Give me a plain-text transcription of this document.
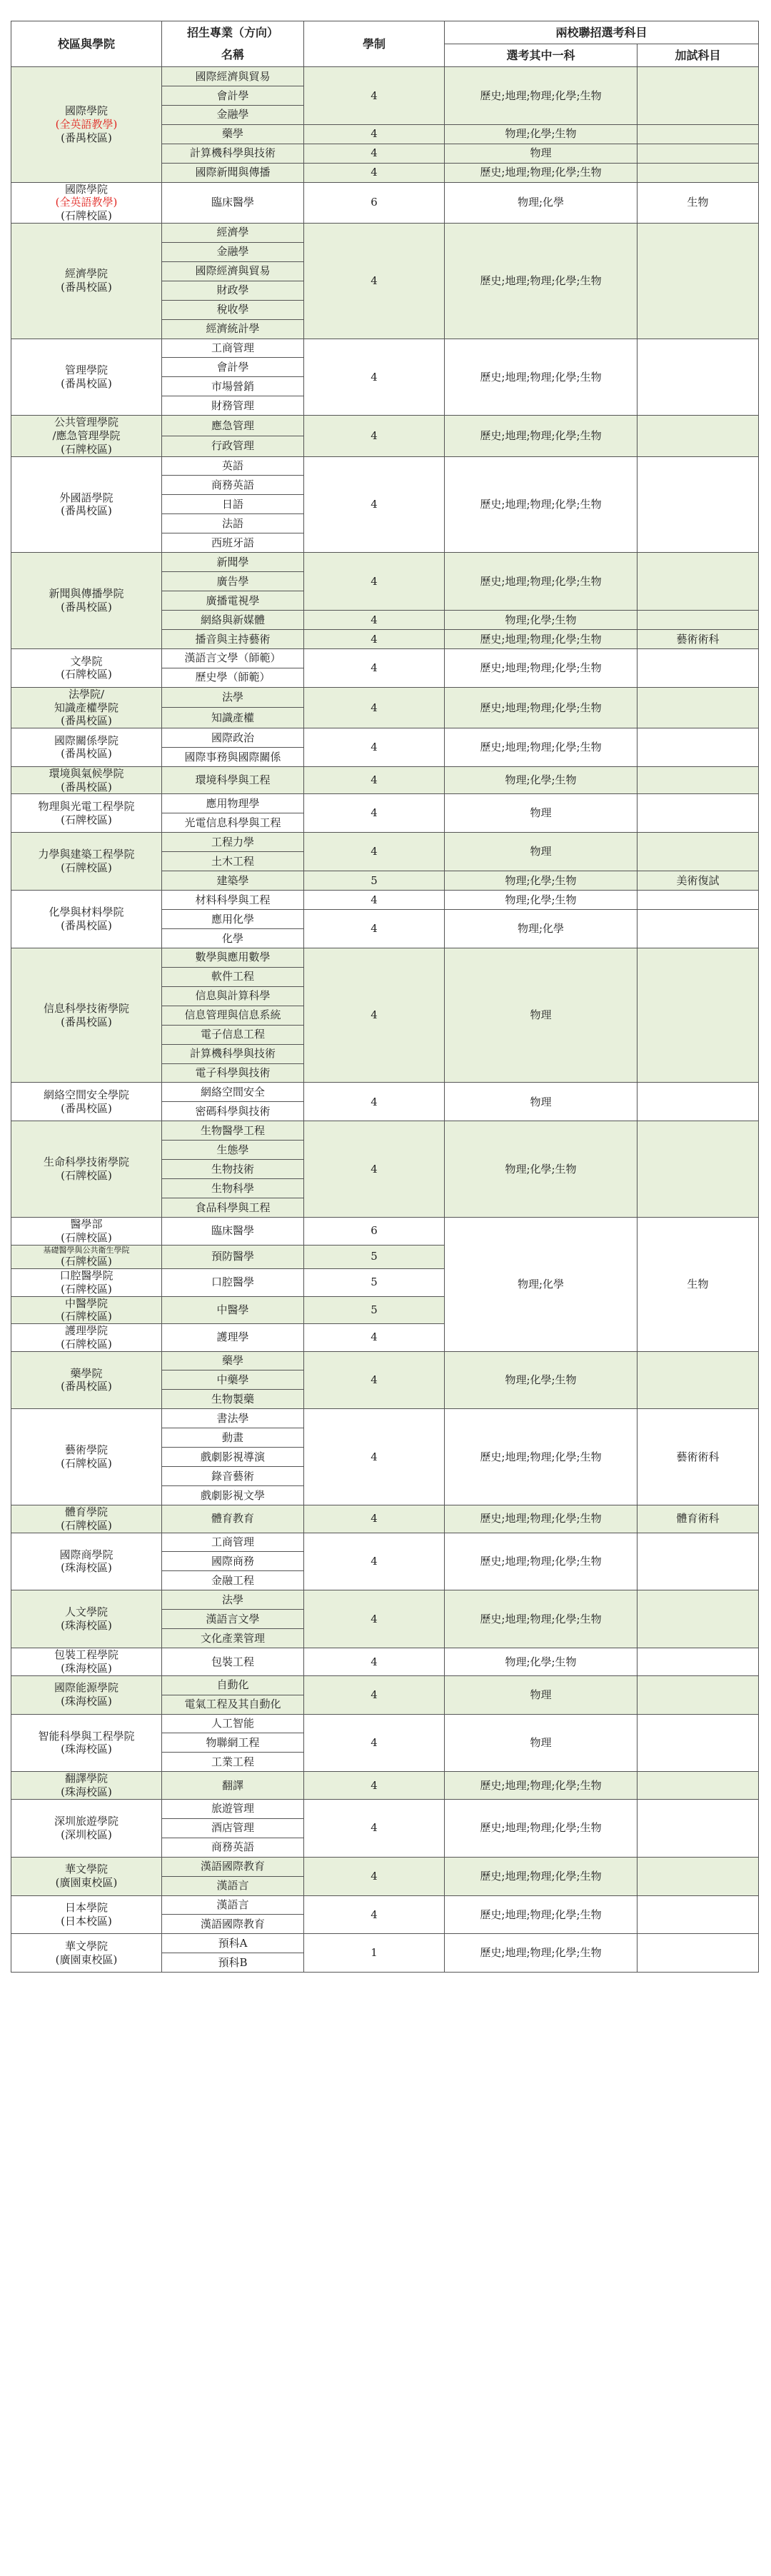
校區與學院	招生專業（方向）	學制	兩校聯招選考科目	
	名稱		選考其中一科	加試科目

國際學院
(全英語教學)
(番禺校區)	國際經濟與貿易	4	歷史;地理;物理;化學;生物	
	會計學			
	金融學			
	藥學	4	物理;化學;生物	
	計算機科學與技術	4	物理	
	國際新聞與傳播	4	歷史;地理;物理;化學;生物	

國際學院
(全英語教學)
(石牌校區)	臨床醫學	6	物理;化學	生物

經濟學院
(番禺校區)	經濟學	4	歷史;地理;物理;化學;生物	
	金融學			
	國際經濟與貿易			
	財政學			
	稅收學			
	經濟統計學			

管理學院
(番禺校區)	工商管理	4	歷史;地理;物理;化學;生物	
	會計學			
	市場營銷			
	財務管理			

公共管理學院
/應急管理學院
(石牌校區)	應急管理	4	歷史;地理;物理;化學;生物	
	行政管理			

外國語學院
(番禺校區)	英語	4	歷史;地理;物理;化學;生物	
	商務英語			
	日語			
	法語			
	西班牙語			

新聞與傳播學院
(番禺校區)	新聞學	4	歷史;地理;物理;化學;生物	
	廣告學			
	廣播電視學			
	網絡與新媒體	4	物理;化學;生物	
	播音與主持藝術	4	歷史;地理;物理;化學;生物	藝術術科

文學院
(石牌校區)	漢語言文學（師範）	4	歷史;地理;物理;化學;生物	
	歷史學（師範）			

法學院/
知識產權學院
(番禺校區)	法學	4	歷史;地理;物理;化學;生物	
	知識產權			

國際關係學院
(番禺校區)	國際政治	4	歷史;地理;物理;化學;生物	
	國際事務與國際關係			

環境與氣候學院
(番禺校區)	環境科學與工程	4	物理;化學;生物	

物理與光電工程學院
(石牌校區)	應用物理學	4	物理	
	光電信息科學與工程			

力學與建築工程學院
(石牌校區)	工程力學	4	物理	
	土木工程			
	建築學	5	物理;化學;生物	美術復試

化學與材料學院
(番禺校區)	材料科學與工程	4	物理;化學;生物	
	應用化學	4	物理;化學	
	化學			

信息科學技術學院
(番禺校區)	數學與應用數學	4	物理	
	軟件工程			
	信息與計算科學			
	信息管理與信息系統			
	電子信息工程			
	計算機科學與技術			
	電子科學與技術			

網絡空間安全學院
(番禺校區)	網絡空間安全	4	物理	
	密碼科學與技術			

生命科學技術學院
(石牌校區)	生物醫學工程	4	物理;化學;生物	
	生態學			
	生物技術			
	生物科學			
	食品科學與工程			

醫學部
(石牌校區)	臨床醫學	6	物理;化學	生物

基礎醫學與公共衛生學院
(石牌校區)	預防醫學	5		

口腔醫學院
(石牌校區)	口腔醫學	5		

中醫學院
(石牌校區)	中醫學	5		

護理學院
(石牌校區)	護理學	4		

藥學院
(番禺校區)	藥學	4	物理;化學;生物	
	中藥學			
	生物製藥			

藝術學院
(石牌校區)	書法學	4	歷史;地理;物理;化學;生物	藝術術科
	動畫			
	戲劇影視導演			
	錄音藝術			
	戲劇影視文學			

體育學院
(石牌校區)	體育教育	4	歷史;地理;物理;化學;生物	體育術科

國際商學院
(珠海校區)	工商管理	4	歷史;地理;物理;化學;生物	
	國際商務			
	金融工程			

人文學院
(珠海校區)	法學	4	歷史;地理;物理;化學;生物	
	漢語言文學			
	文化產業管理			

包裝工程學院
(珠海校區)	包裝工程	4	物理;化學;生物	

國際能源學院
(珠海校區)	自動化	4	物理	
	電氣工程及其自動化			

智能科學與工程學院
(珠海校區)	人工智能	4	物理	
	物聯網工程			
	工業工程			

翻譯學院
(珠海校區)	翻譯	4	歷史;地理;物理;化學;生物	

深圳旅遊學院
(深圳校區)	旅遊管理	4	歷史;地理;物理;化學;生物	
	酒店管理			
	商務英語			

華文學院
(廣園東校區)	漢語國際教育	4	歷史;地理;物理;化學;生物	
	漢語言			

日本學院
(日本校區)	漢語言	4	歷史;地理;物理;化學;生物	
	漢語國際教育			

華文學院
(廣園東校區)	預科A	1	歷史;地理;物理;化學;生物	
	預科B			
